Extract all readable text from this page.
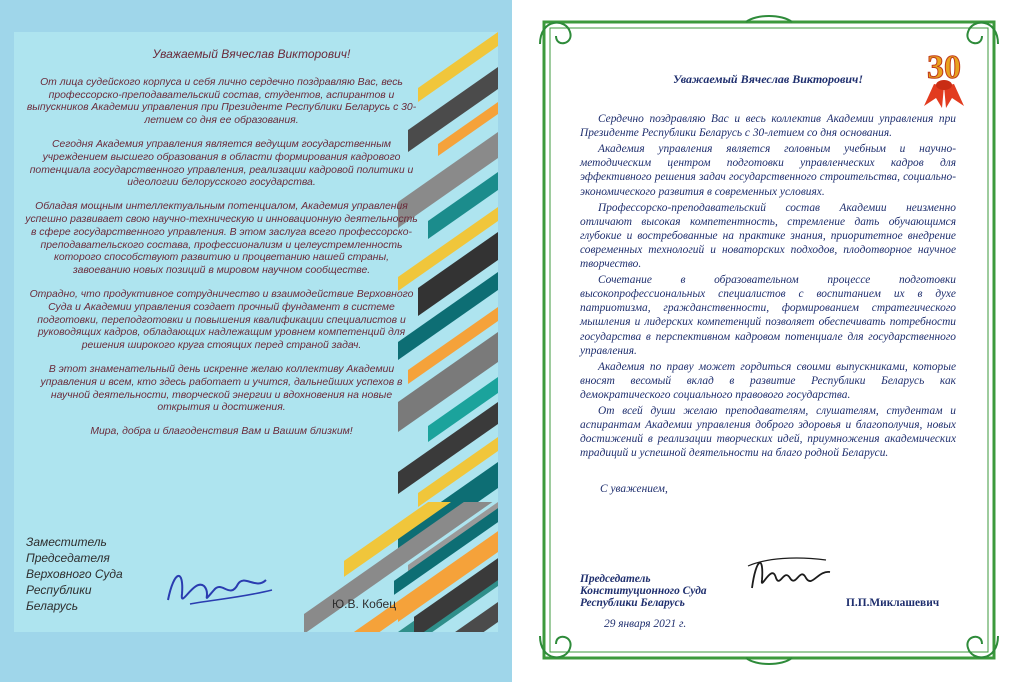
Уважаемый Вячеслав Викторович!

От лица судейского корпуса и себя лично сердечно поздравляю Вас, весь профессорско-преподавательский состав, студентов, аспирантов и выпускников Академии управления при Президенте Республики Беларусь с 30-летием со дня ее образования.

Сегодня Академия управления является ведущим государственным учреждением высшего образования в области формирования кадрового потенциала государственного управления, реализации кадровой политики и идеологии белорусского государства.

Обладая мощным интеллектуальным потенциалом, Академия управления успешно развивает свою научно-техническую и инновационную деятельность в сфере государственного управления. В этом заслуга всего профессорско-преподавательского состава, профессионализм и целеустремленность которого способствуют развитию и процветанию нашей страны, завоеванию новых позиций в мировом научном сообществе.

Отрадно, что продуктивное сотрудничество и взаимодействие Верховного Суда и Академии управления создает прочный фундамент в системе подготовки, переподготовки и повышения квалификации специалистов и руководящих кадров, обладающих надлежащим уровнем компетенций для решения широкого круга стоящих перед страной задач.

В этот знаменательный день искренне желаю коллективу Академии управления и всем, кто здесь работает и учится, дальнейших успехов в научной деятельности, творческой энергии и вдохновения на новые открытия и достижения.

Мира, добра и благоденствия Вам и Вашим близким!

Заместитель
Председателя
Верховного Суда
Республики
Беларусь	Ю.В. Кобец
30
Уважаемый Вячеслав Викторович!

Сердечно поздравляю Вас и весь коллектив Академии управления при Президенте Республики Беларусь с 30-летием со дня основания.

Академия управления является головным учебным и научно-методическим центром подготовки управленческих кадров для эффективного решения задач государственного строительства, социально-экономического развития в современных условиях.

Профессорско-преподавательский состав Академии неизменно отличают высокая компетентность, стремление дать обучающимся глубокие и востребованные на практике знания, приоритетное внедрение современных технологий и новаторских подходов, плодотворное научное творчество.

Сочетание в образовательном процессе подготовки высокопрофессиональных специалистов с воспитанием их в духе патриотизма, гражданственности, формированием стратегического мышления и лидерских компетенций позволяет обеспечивать потребности государства в перспективном кадровом потенциале для государственного управления.

Академия по праву может гордиться своими выпускниками, которые вносят весомый вклад в развитие Республики Беларусь как демократического социального правового государства.

От всей души желаю преподавателям, слушателям, студентам и аспирантам Академии управления доброго здоровья и благополучия, новых достижений в реализации творческих идей, приумножения академических традиций и успешной деятельности на благо родной Беларуси.

С уважением,
Председатель
Конституционного Суда
Республики Беларусь	П.П.Миклашевич
29 января 2021 г.
